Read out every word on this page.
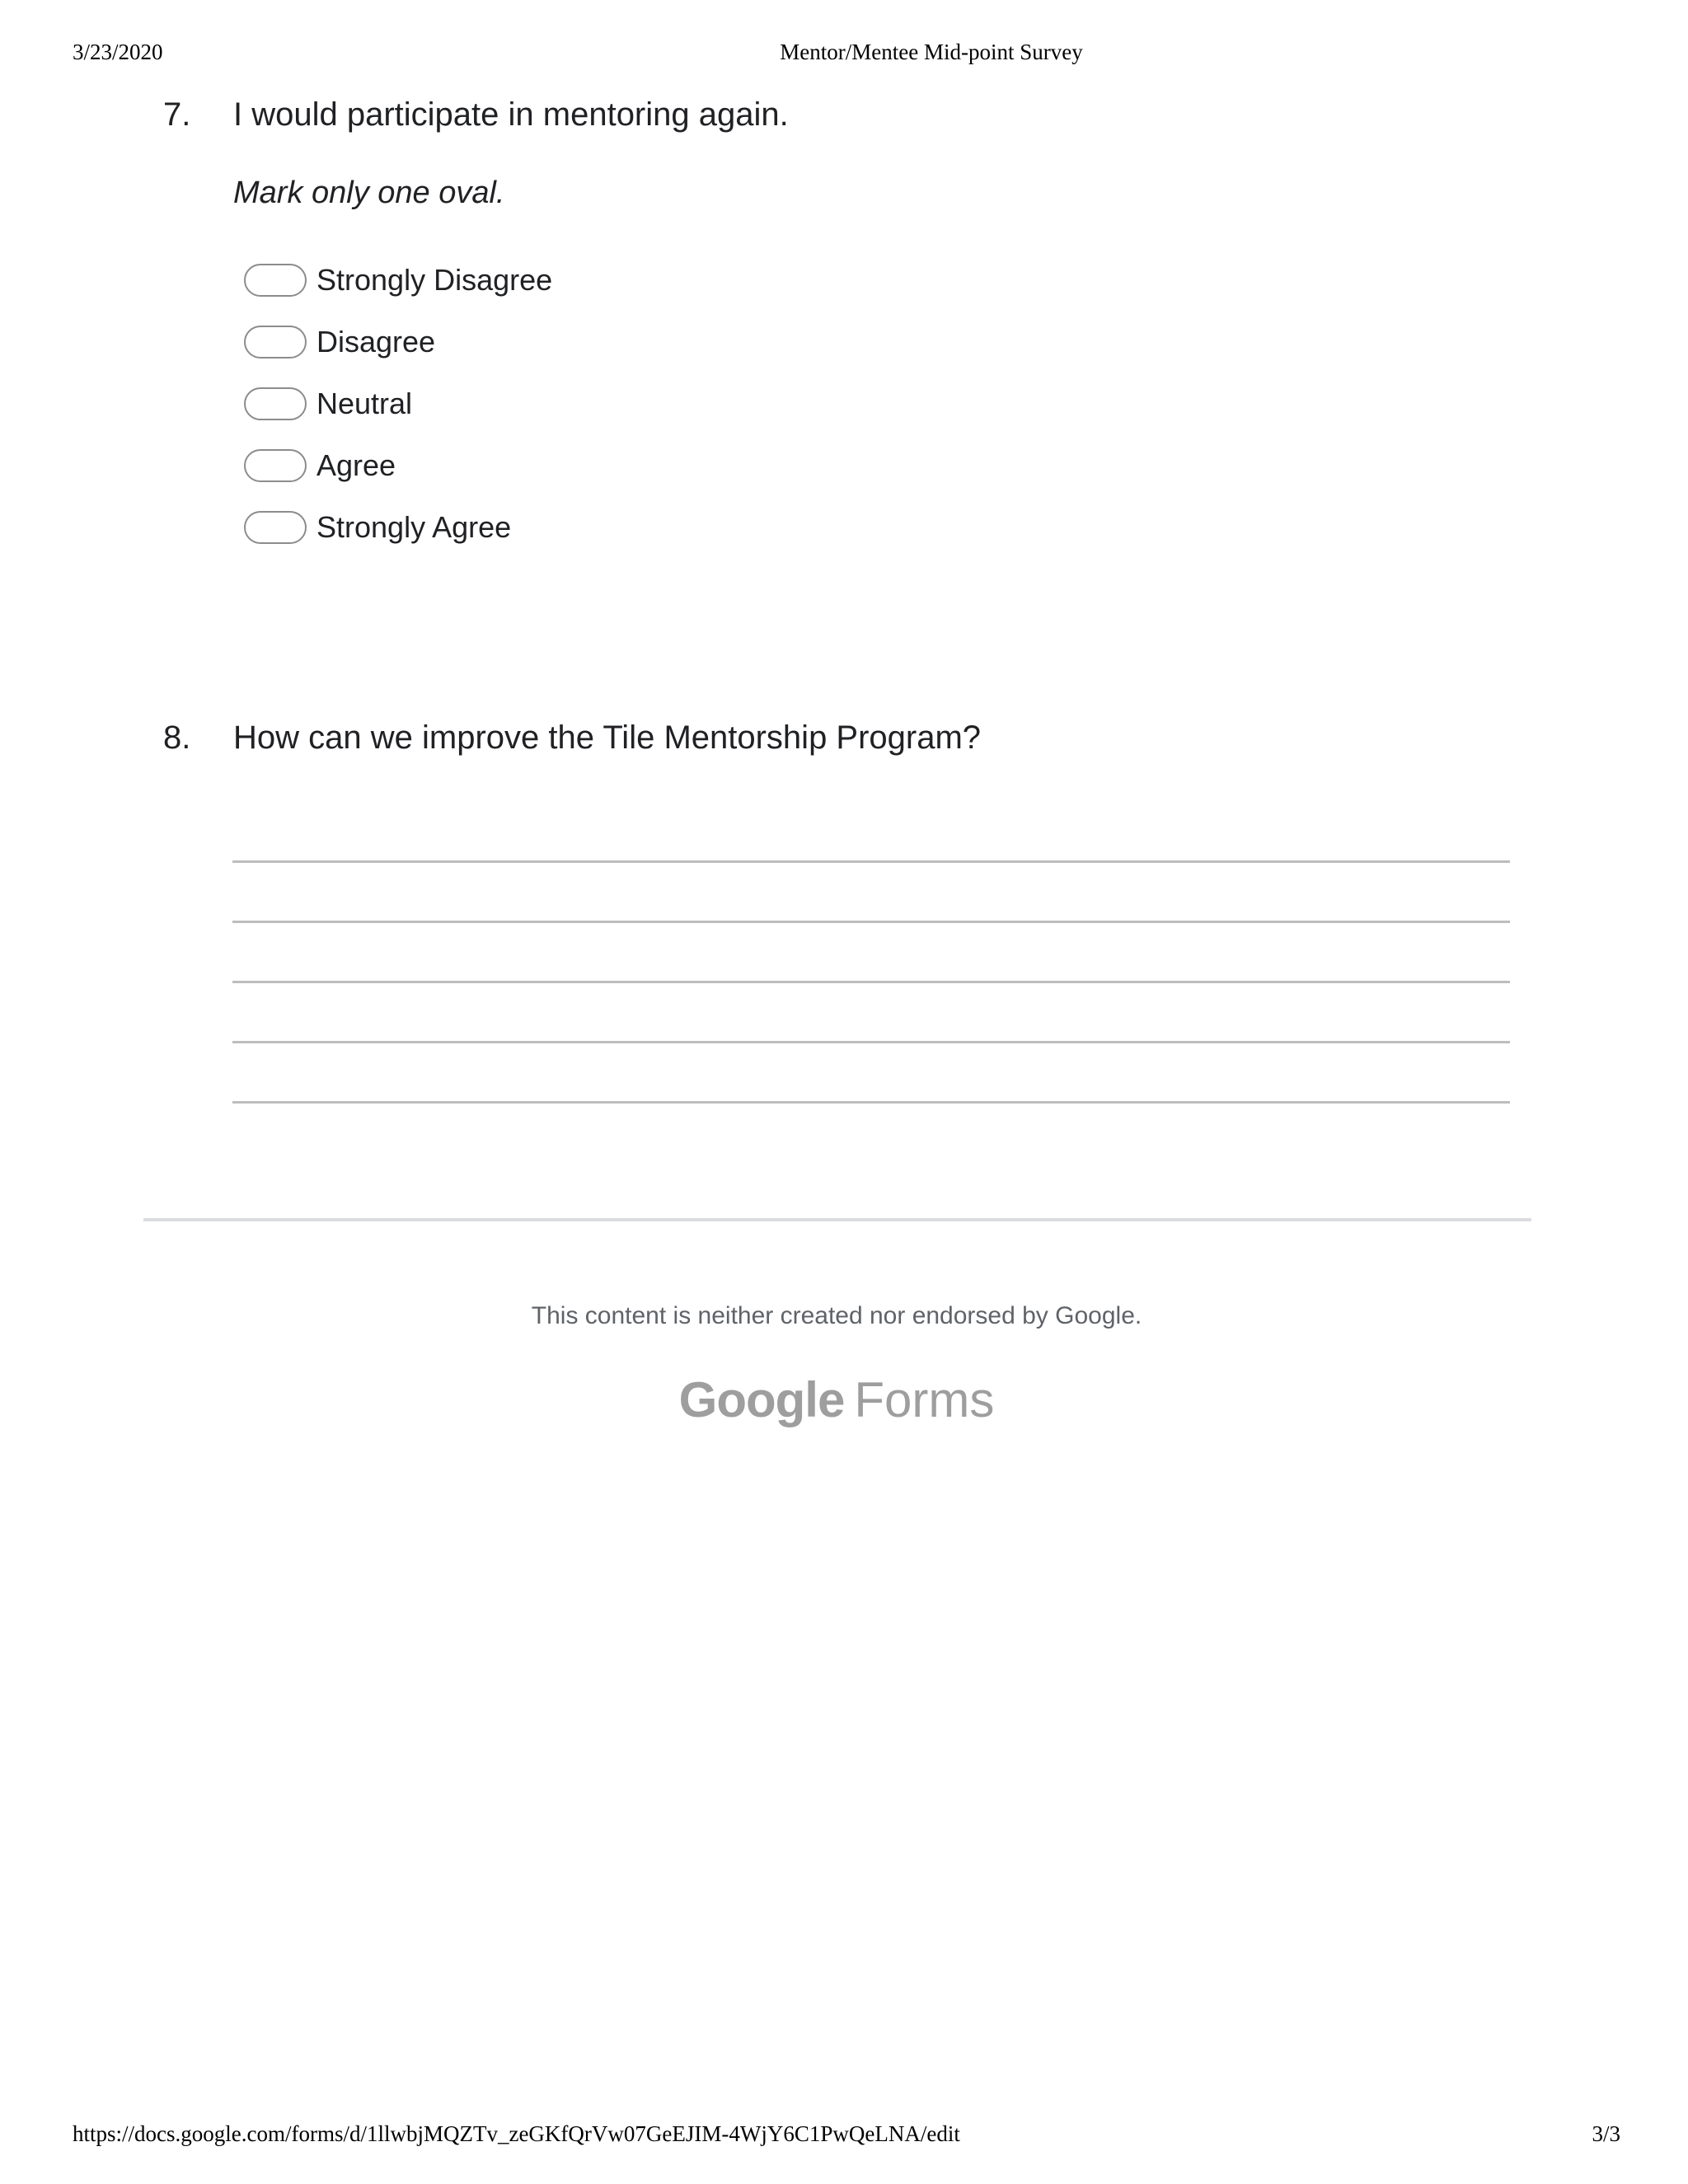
3/23/2020	Mentor/Mentee Mid-point Survey
7. I would participate in mentoring again.
Mark only one oval.
Strongly Disagree
Disagree
Neutral
Agree
Strongly Agree
8. How can we improve the Tile Mentorship Program?
This content is neither created nor endorsed by Google.
Google Forms
https://docs.google.com/forms/d/1llwbjMQZTv_zeGKfQrVw07GeEJIM-4WjY6C1PwQeLNA/edit	3/3
